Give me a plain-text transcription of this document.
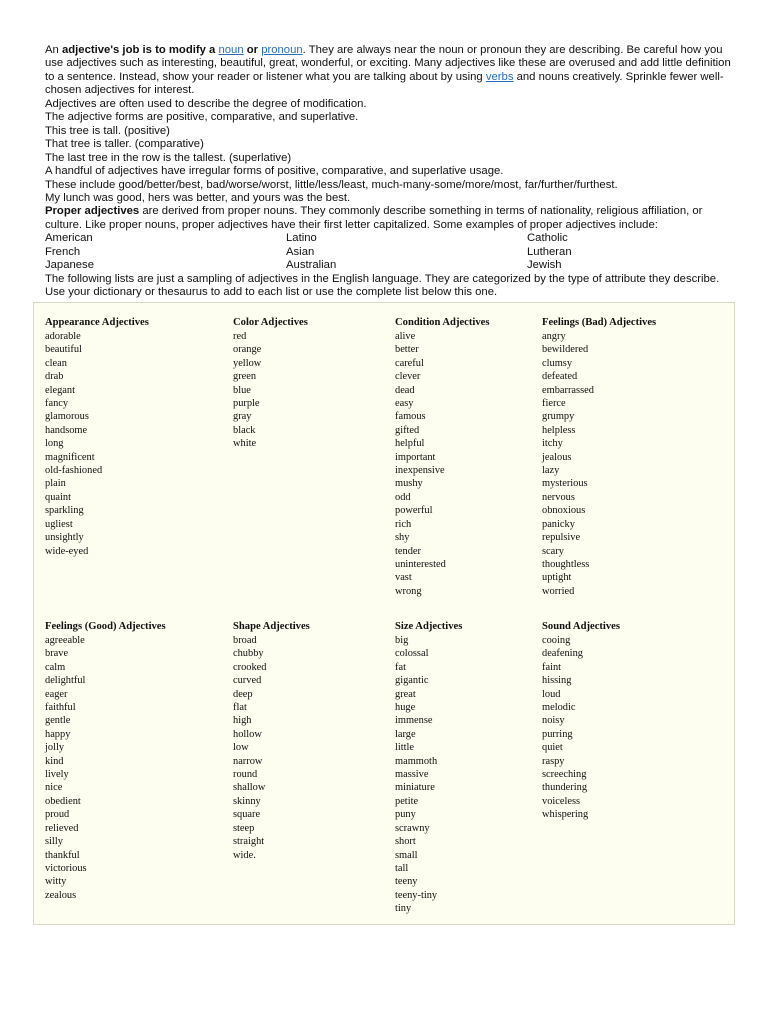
An adjective's job is to modify a noun or pronoun. They are always near the noun or pronoun they are describing. Be careful how you use adjectives such as interesting, beautiful, great, wonderful, or exciting. Many adjectives like these are overused and add little definition to a sentence. Instead, show your reader or listener what you are talking about by using verbs and nouns creatively. Sprinkle fewer well-chosen adjectives for interest.

Adjectives are often used to describe the degree of modification.
The adjective forms are positive, comparative, and superlative.
This tree is tall. (positive)
That tree is taller. (comparative)
The last tree in the row is the tallest. (superlative)
A handful of adjectives have irregular forms of positive, comparative, and superlative usage.
These include good/better/best, bad/worse/worst, little/less/least, much-many-some/more/most, far/further/furthest.
My lunch was good, hers was better, and yours was the best.

Proper adjectives are derived from proper nouns. They commonly describe something in terms of nationality, religious affiliation, or culture. Like proper nouns, proper adjectives have their first letter capitalized. Some examples of proper adjectives include:

American	Latino	Catholic
French	Asian	Lutheran
Japanese	Australian	Jewish

The following lists are just a sampling of adjectives in the English language. They are categorized by the type of attribute they describe. Use your dictionary or thesaurus to add to each list or use the complete list below this one.

Appearance Adjectives
adorable
beautiful
clean
drab
elegant
fancy
glamorous
handsome
long
magnificent
old-fashioned
plain
quaint
sparkling
ugliest
unsightly
wide-eyed
Color Adjectives
red
orange
yellow
green
blue
purple
gray
black
white
Condition Adjectives
alive
better
careful
clever
dead
easy
famous
gifted
helpful
important
inexpensive
mushy
odd
powerful
rich
shy
tender
uninterested
vast
wrong
Feelings (Bad) Adjectives
angry
bewildered
clumsy
defeated
embarrassed
fierce
grumpy
helpless
itchy
jealous
lazy
mysterious
nervous
obnoxious
panicky
repulsive
scary
thoughtless
uptight
worried
Feelings (Good) Adjectives
agreeable
brave
calm
delightful
eager
faithful
gentle
happy
jolly
kind
lively
nice
obedient
proud
relieved
silly
thankful
victorious
witty
zealous
Shape Adjectives
broad
chubby
crooked
curved
deep
flat
high
hollow
low
narrow
round
shallow
skinny
square
steep
straight
wide.
Size Adjectives
big
colossal
fat
gigantic
great
huge
immense
large
little
mammoth
massive
miniature
petite
puny
scrawny
short
small
tall
teeny
teeny-tiny
tiny
Sound Adjectives
cooing
deafening
faint
hissing
loud
melodic
noisy
purring
quiet
raspy
screeching
thundering
voiceless
whispering
